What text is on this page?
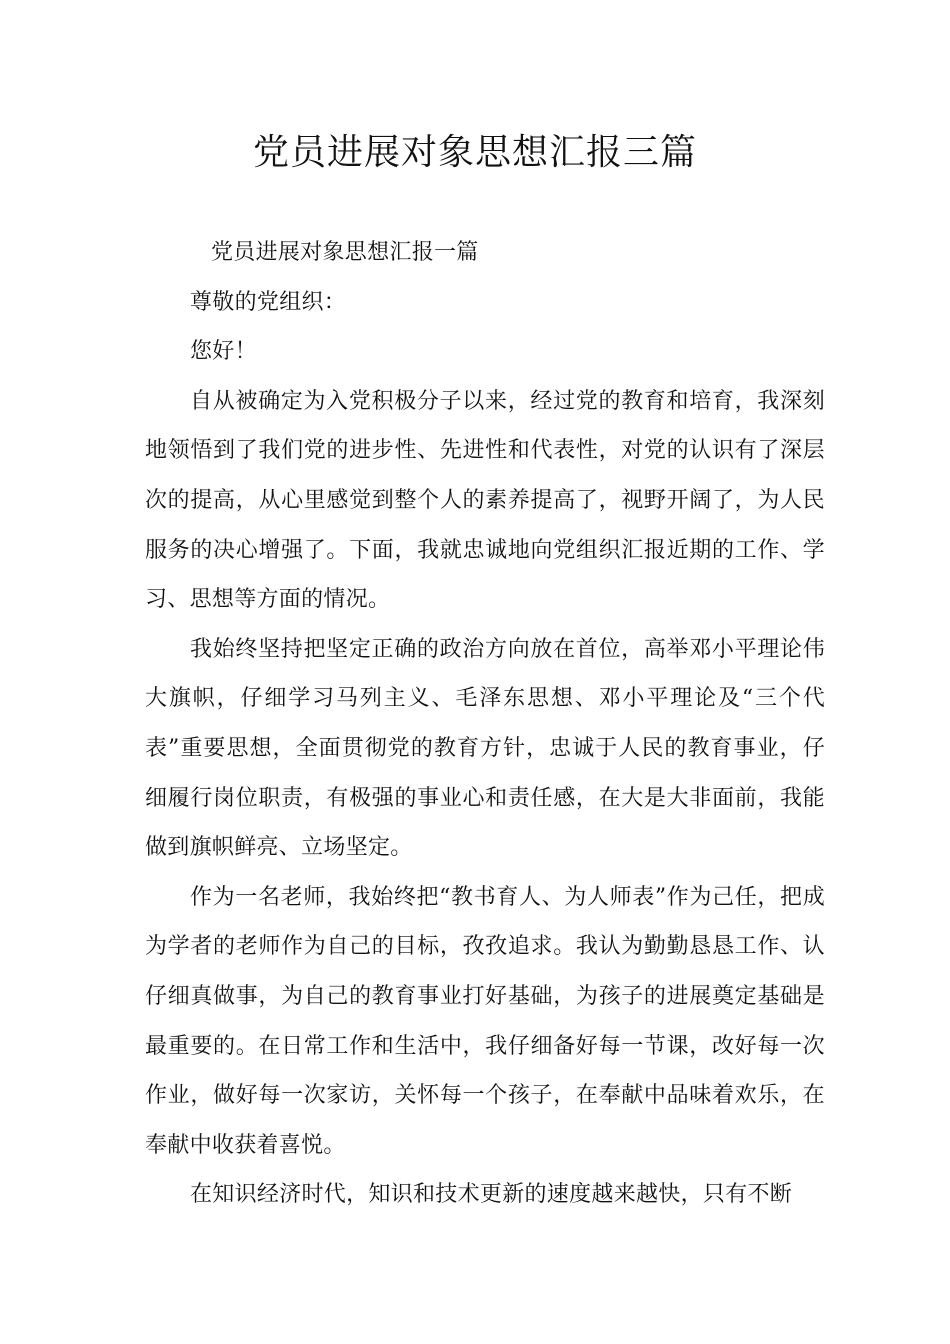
党员进展对象思想汇报三篇

党员进展对象思想汇报一篇

尊敬的党组织：

您好！

自从被确定为入党积极分子以来，经过党的教育和培育，我深刻地领悟到了我们党的进步性、先进性和代表性，对党的认识有了深层次的提高，从心里感觉到整个人的素养提高了，视野开阔了，为人民服务的决心增强了。下面，我就忠诚地向党组织汇报近期的工作、学习、思想等方面的情况。

我始终坚持把坚定正确的政治方向放在首位，高举邓小平理论伟大旗帜，仔细学习马列主义、毛泽东思想、邓小平理论及“三个代表”重要思想，全面贯彻党的教育方针，忠诚于人民的教育事业，仔细履行岗位职责，有极强的事业心和责任感，在大是大非面前，我能做到旗帜鲜亮、立场坚定。

作为一名老师，我始终把“教书育人、为人师表”作为己任，把成为学者的老师作为自己的目标，孜孜追求。我认为勤勤恳恳工作、认仔细真做事，为自己的教育事业打好基础，为孩子的进展奠定基础是最重要的。在日常工作和生活中，我仔细备好每一节课，改好每一次作业，做好每一次家访，关怀每一个孩子，在奉献中品味着欢乐，在奉献中收获着喜悦。

在知识经济时代，知识和技术更新的速度越来越快，只有不断
